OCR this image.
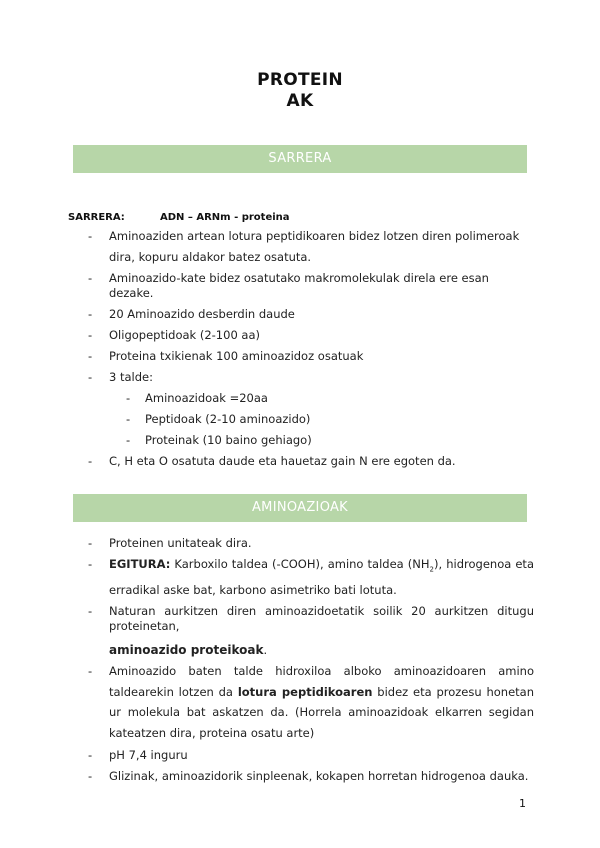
PROTEIN
AK
SARRERA
SARRERA:	ADN – ARNm - proteina
- Aminoaziden artean lotura peptidikoaren bidez lotzen diren polimeroak dira, kopuru aldakor batez osatuta.
- Aminoazido-kate bidez osatutako makromolekulak direla ere esan dezake.
- 20 Aminoazido desberdin daude
- Oligopeptidoak (2-100 aa)
- Proteina txikienak 100 aminoazidoz osatuak
- 3 talde:
- Aminoazidoak =20aa
- Peptidoak (2-10 aminoazido)
- Proteinak (10 baino gehiago)
- C, H eta O osatuta daude eta hauetaz gain N ere egoten da.
AMINOAZIOAK
- Proteinen unitateak dira.
- EGITURA: Karboxilo taldea (-COOH), amino taldea $(NH_2)$, hidrogenoa eta erradikal aske bat, karbono asimetriko bati lotuta.
- Naturan aurkitzen diren aminoazidoetatik soilik 20 aurkitzen ditugu proteinetan,
aminoazido proteikoak.
- Aminoazido baten talde hidroxiloa alboko aminoazidoaren amino taldearekin lotzen da lotura peptidikoaren bidez eta prozesu honetan ur molekula bat askatzen da. (Horrela aminoazidoak elkarren segidan kateatzen dira, proteina osatu arte)
- pH 7,4 inguru
- Glizinak, aminoazidorik sinpleenak, kokapen horretan hidrogenoa dauka.
1
